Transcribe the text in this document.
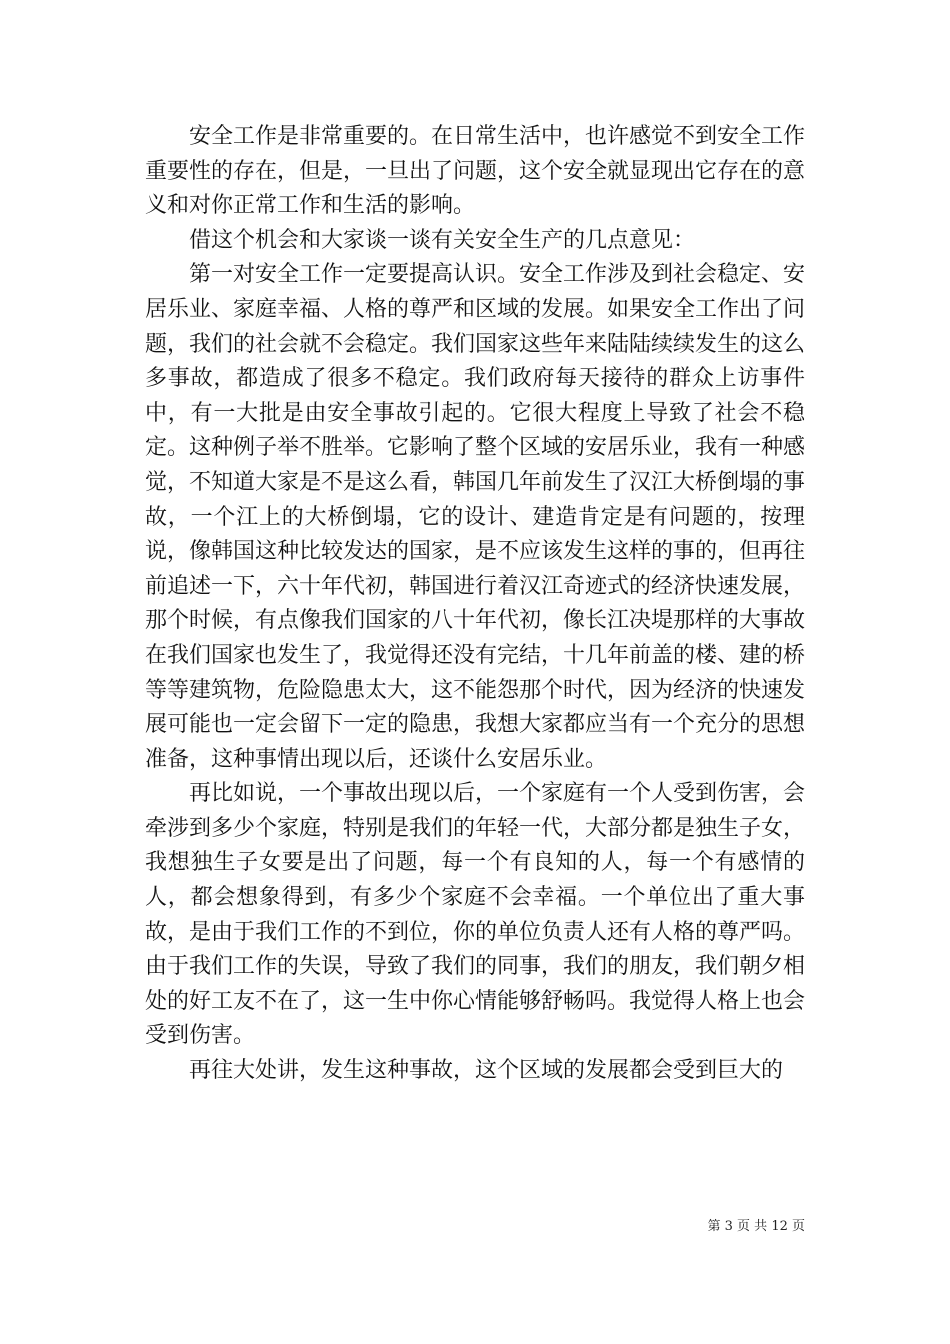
安全工作是非常重要的。在日常生活中，也许感觉不到安全工作重要性的存在，但是，一旦出了问题，这个安全就显现出它存在的意义和对你正常工作和生活的影响。

借这个机会和大家谈一谈有关安全生产的几点意见：

第一对安全工作一定要提高认识。安全工作涉及到社会稳定、安居乐业、家庭幸福、人格的尊严和区域的发展。如果安全工作出了问题，我们的社会就不会稳定。我们国家这些年来陆陆续续发生的这么多事故，都造成了很多不稳定。我们政府每天接待的群众上访事件中，有一大批是由安全事故引起的。它很大程度上导致了社会不稳定。这种例子举不胜举。它影响了整个区域的安居乐业，我有一种感觉，不知道大家是不是这么看，韩国几年前发生了汉江大桥倒塌的事故，一个江上的大桥倒塌，它的设计、建造肯定是有问题的，按理说，像韩国这种比较发达的国家，是不应该发生这样的事的，但再往前追述一下，六十年代初，韩国进行着汉江奇迹式的经济快速发展，那个时候，有点像我们国家的八十年代初，像长江决堤那样的大事故在我们国家也发生了，我觉得还没有完结，十几年前盖的楼、建的桥等等建筑物，危险隐患太大，这不能怨那个时代，因为经济的快速发展可能也一定会留下一定的隐患，我想大家都应当有一个充分的思想准备，这种事情出现以后，还谈什么安居乐业。

再比如说，一个事故出现以后，一个家庭有一个人受到伤害，会牵涉到多少个家庭，特别是我们的年轻一代，大部分都是独生子女，我想独生子女要是出了问题，每一个有良知的人，每一个有感情的人，都会想象得到，有多少个家庭不会幸福。一个单位出了重大事故，是由于我们工作的不到位，你的单位负责人还有人格的尊严吗。由于我们工作的失误，导致了我们的同事，我们的朋友，我们朝夕相处的好工友不在了，这一生中你心情能够舒畅吗。我觉得人格上也会受到伤害。

再往大处讲，发生这种事故，这个区域的发展都会受到巨大的

第 3 页 共 12 页
